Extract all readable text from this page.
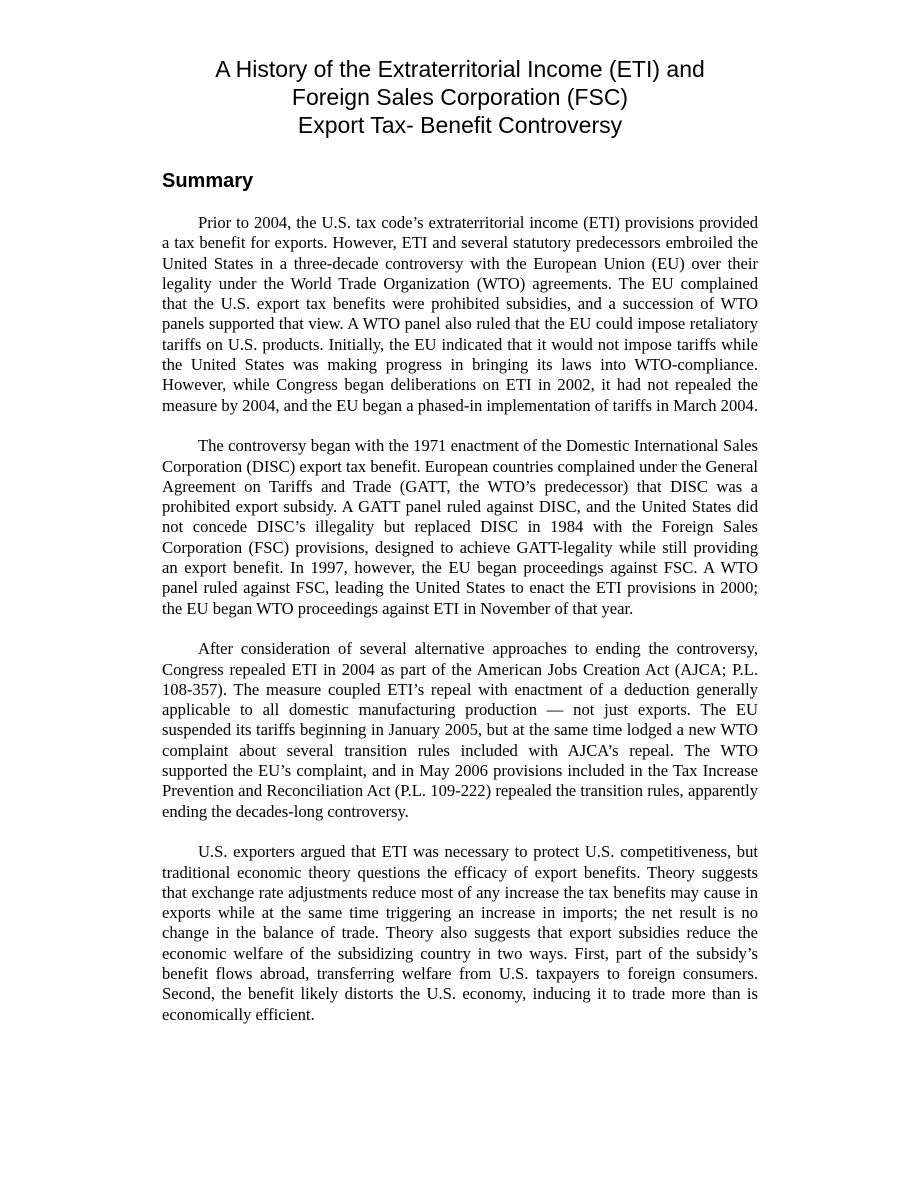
A History of the Extraterritorial Income (ETI) and
Foreign Sales Corporation (FSC)
Export Tax- Benefit Controversy
Summary

Prior to 2004, the U.S. tax code’s extraterritorial income (ETI) provisions provided a tax benefit for exports. However, ETI and several statutory predecessors embroiled the United States in a three-decade controversy with the European Union (EU) over their legality under the World Trade Organization (WTO) agreements. The EU complained that the U.S. export tax benefits were prohibited subsidies, and a succession of WTO panels supported that view. A WTO panel also ruled that the EU could impose retaliatory tariffs on U.S. products. Initially, the EU indicated that it would not impose tariffs while the United States was making progress in bringing its laws into WTO-compliance. However, while Congress began deliberations on ETI in 2002, it had not repealed the measure by 2004, and the EU began a phased-in implementation of tariffs in March 2004.

The controversy began with the 1971 enactment of the Domestic International Sales Corporation (DISC) export tax benefit. European countries complained under the General Agreement on Tariffs and Trade (GATT, the WTO’s predecessor) that DISC was a prohibited export subsidy. A GATT panel ruled against DISC, and the United States did not concede DISC’s illegality but replaced DISC in 1984 with the Foreign Sales Corporation (FSC) provisions, designed to achieve GATT-legality while still providing an export benefit. In 1997, however, the EU began proceedings against FSC. A WTO panel ruled against FSC, leading the United States to enact the ETI provisions in 2000; the EU began WTO proceedings against ETI in November of that year.

After consideration of several alternative approaches to ending the controversy, Congress repealed ETI in 2004 as part of the American Jobs Creation Act (AJCA; P.L. 108-357). The measure coupled ETI’s repeal with enactment of a deduction generally applicable to all domestic manufacturing production — not just exports. The EU suspended its tariffs beginning in January 2005, but at the same time lodged a new WTO complaint about several transition rules included with AJCA’s repeal. The WTO supported the EU’s complaint, and in May 2006 provisions included in the Tax Increase Prevention and Reconciliation Act (P.L. 109-222) repealed the transition rules, apparently ending the decades-long controversy.

U.S. exporters argued that ETI was necessary to protect U.S. competitiveness, but traditional economic theory questions the efficacy of export benefits. Theory suggests that exchange rate adjustments reduce most of any increase the tax benefits may cause in exports while at the same time triggering an increase in imports; the net result is no change in the balance of trade. Theory also suggests that export subsidies reduce the economic welfare of the subsidizing country in two ways. First, part of the subsidy’s benefit flows abroad, transferring welfare from U.S. taxpayers to foreign consumers. Second, the benefit likely distorts the U.S. economy, inducing it to trade more than is economically efficient.
